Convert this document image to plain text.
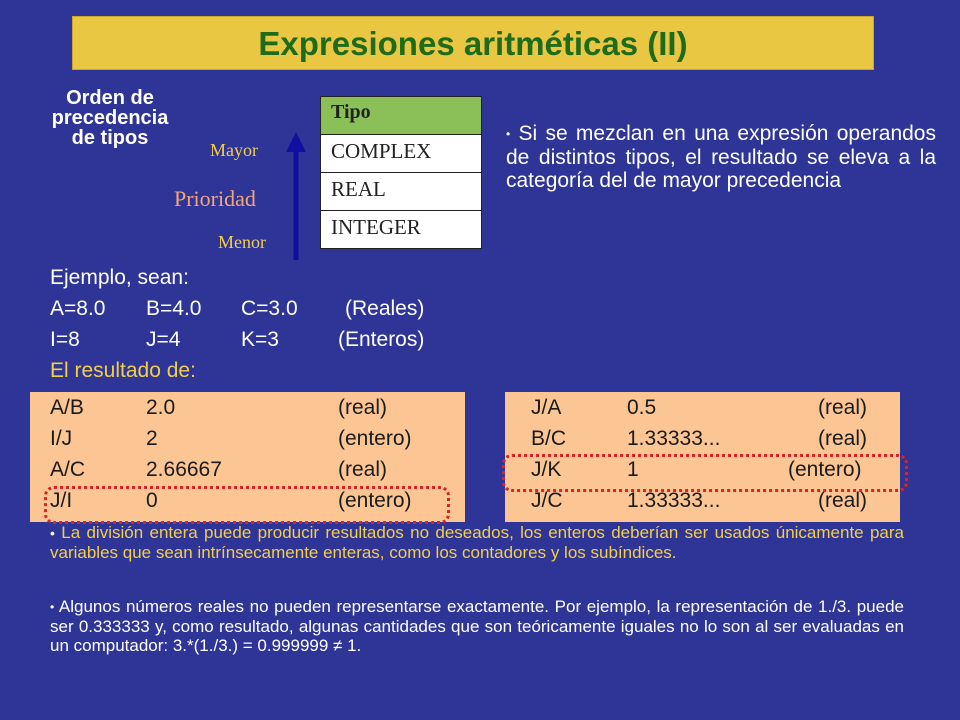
Expresiones aritméticas (II)
Orden de
precedencia
de tipos
Mayor
Prioridad
Menor
Tipo
COMPLEX
REAL
INTEGER
• Si se mezclan en una expresión operandos de distintos tipos, el resultado se eleva a la categoría del de mayor precedencia
Ejemplo, sean:
A=8.0 B=4.0 C=3.0 (Reales)
I=8	J=4	K=3	(Enteros)
El resultado de:
A/B	2.0	(real)
I/J	2	(entero)
A/C	2.66667	(real)
J/I	0	(entero)
J/A	0.5	(real)
B/C	1.33333...	(real)
J/K	1	(entero)
J/C	1.33333...	(real)
• La división entera puede producir resultados no deseados, los enteros deberían ser usados únicamente para variables que sean intrínsecamente enteras, como los contadores y los subíndices.
• Algunos números reales no pueden representarse exactamente. Por ejemplo, la representación de 1./3. puede ser 0.333333 y, como resultado, algunas cantidades que son teóricamente iguales no lo son al ser evaluadas en un computador: 3.*(1./3.) = 0.999999 ≠ 1.
